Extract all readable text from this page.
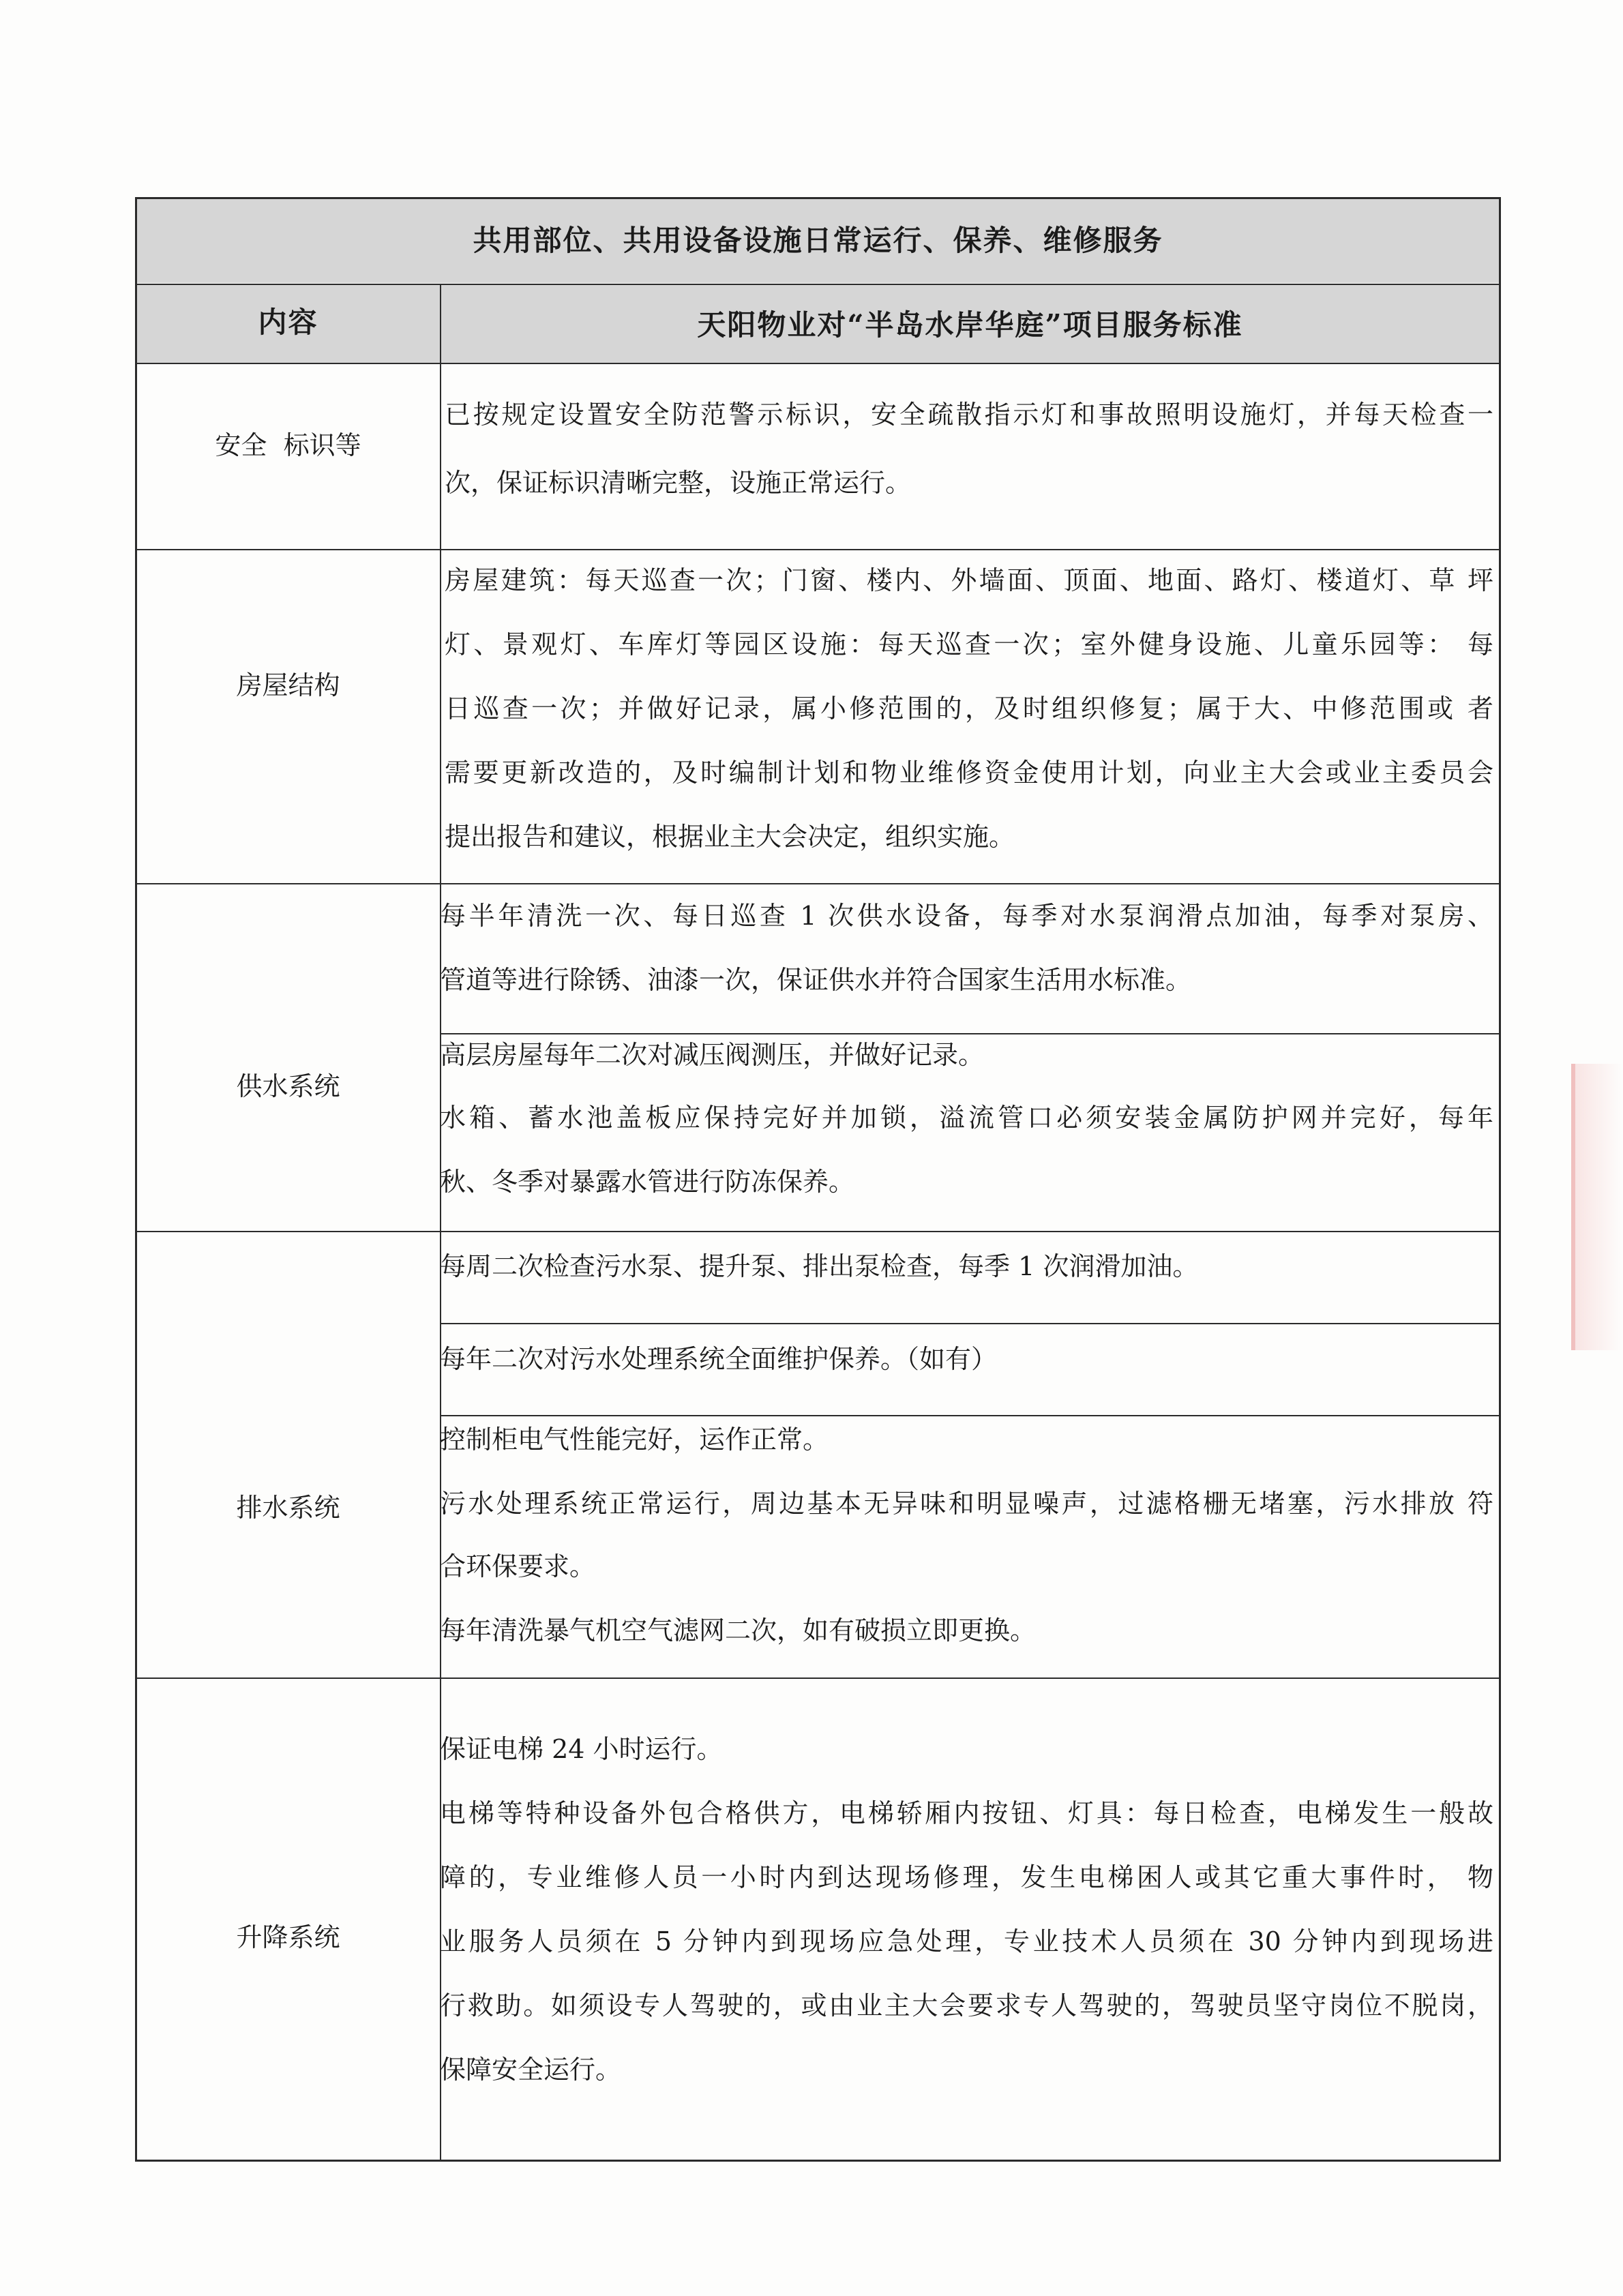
共用部位、共用设备设施日常运行、保养、维修服务
内容	天阳物业对“半岛水岸华庭”项目服务标准
安全  标识等
已按规定设置安全防范警示标识，安全疏散指示灯和事故照明设施灯，并每天检查一
次，保证标识清晰完整，设施正常运行。
房屋结构
房屋建筑：每天巡查一次；门窗、楼内、外墙面、顶面、地面、路灯、楼道灯、草 坪
灯、景观灯、车库灯等园区设施：每天巡查一次；室外健身设施、儿童乐园等： 每
日巡查一次；并做好记录，属小修范围的，及时组织修复；属于大、中修范围或 者
需要更新改造的，及时编制计划和物业维修资金使用计划，向业主大会或业主委员会
提出报告和建议，根据业主大会决定，组织实施。
供水系统
每半年清洗一次、每日巡查 1 次供水设备，每季对水泵润滑点加油，每季对泵房、
管道等进行除锈、油漆一次，保证供水并符合国家生活用水标准。
高层房屋每年二次对减压阀测压，并做好记录。
水箱、蓄水池盖板应保持完好并加锁，溢流管口必须安装金属防护网并完好，每年
秋、冬季对暴露水管进行防冻保养。
排水系统
每周二次检查污水泵、提升泵、排出泵检查，每季 1 次润滑加油。
每年二次对污水处理系统全面维护保养。（如有）
控制柜电气性能完好，运作正常。
污水处理系统正常运行，周边基本无异味和明显噪声，过滤格栅无堵塞，污水排放 符
合环保要求。
每年清洗暴气机空气滤网二次，如有破损立即更换。
升降系统
保证电梯 24 小时运行。
电梯等特种设备外包合格供方，电梯轿厢内按钮、灯具：每日检查，电梯发生一般故
障的，专业维修人员一小时内到达现场修理，发生电梯困人或其它重大事件时， 物
业服务人员须在 5 分钟内到现场应急处理，专业技术人员须在 30 分钟内到现场进
行救助。如须设专人驾驶的，或由业主大会要求专人驾驶的，驾驶员坚守岗位不脱岗，
保障安全运行。
